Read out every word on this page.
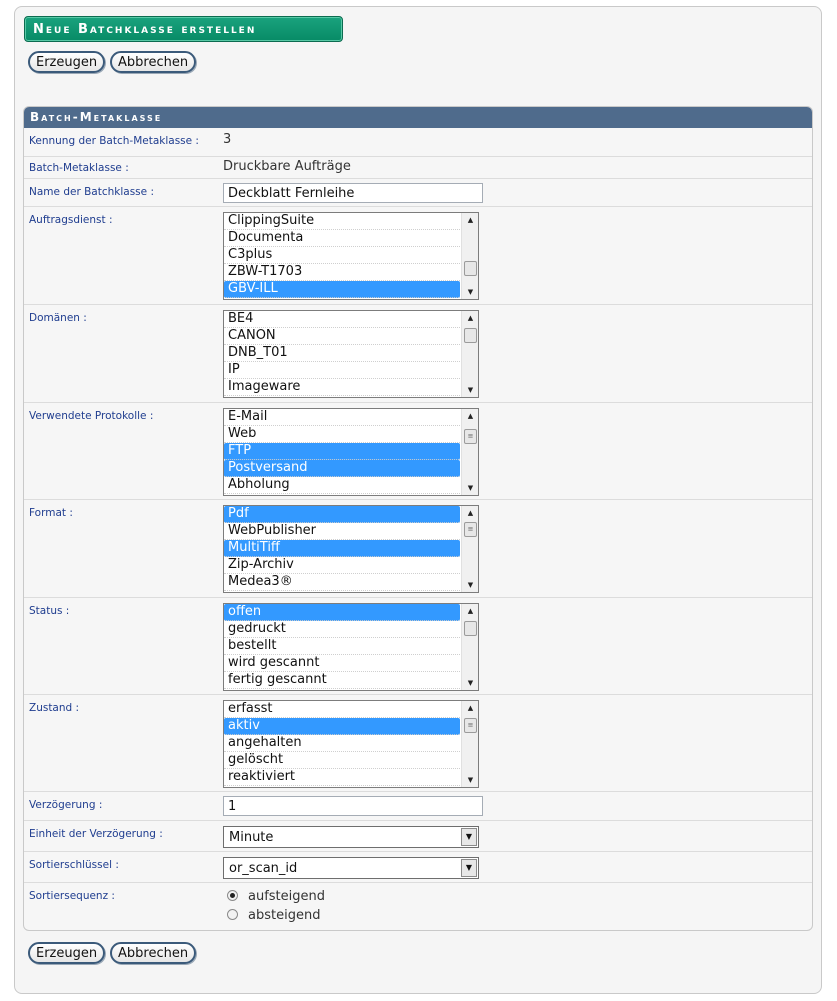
Neue Batchklasse erstellen
Erzeugen	Abbrechen
Batch-Metaklasse
Kennung der Batch-Metaklasse : 3
Batch-Metaklasse :	Druckbare Aufträge
Name der Batchklasse :
Deckblatt Fernleihe
Auftragsdienst :	ClippingSuite
Documenta
C3plus
ZBW-T1703
GBV-ILL
▲
▼
Domänen :	BE4
CANON
DNB_T01
IP
Imageware
▲
▼
Verwendete Protokolle :	E-Mail
Web
FTP
Postversand
Abholung
▲
≡
▼
Format :	Pdf
WebPublisher
MultiTiff
Zip-Archiv
Medea3®
▲
≡
▼
Status :	offen
gedruckt
bestellt
wird gescannt
fertig gescannt
▲
▼
Zustand :	erfasst
aktiv
angehalten
gelöscht
reaktiviert
▲
≡
▼
Verzögerung :
1
Einheit der Verzögerung :	Minute	▼
Sortierschlüssel :	or_scan_id	▼
Sortiersequenz :	aufsteigend
absteigend
Erzeugen	Abbrechen
